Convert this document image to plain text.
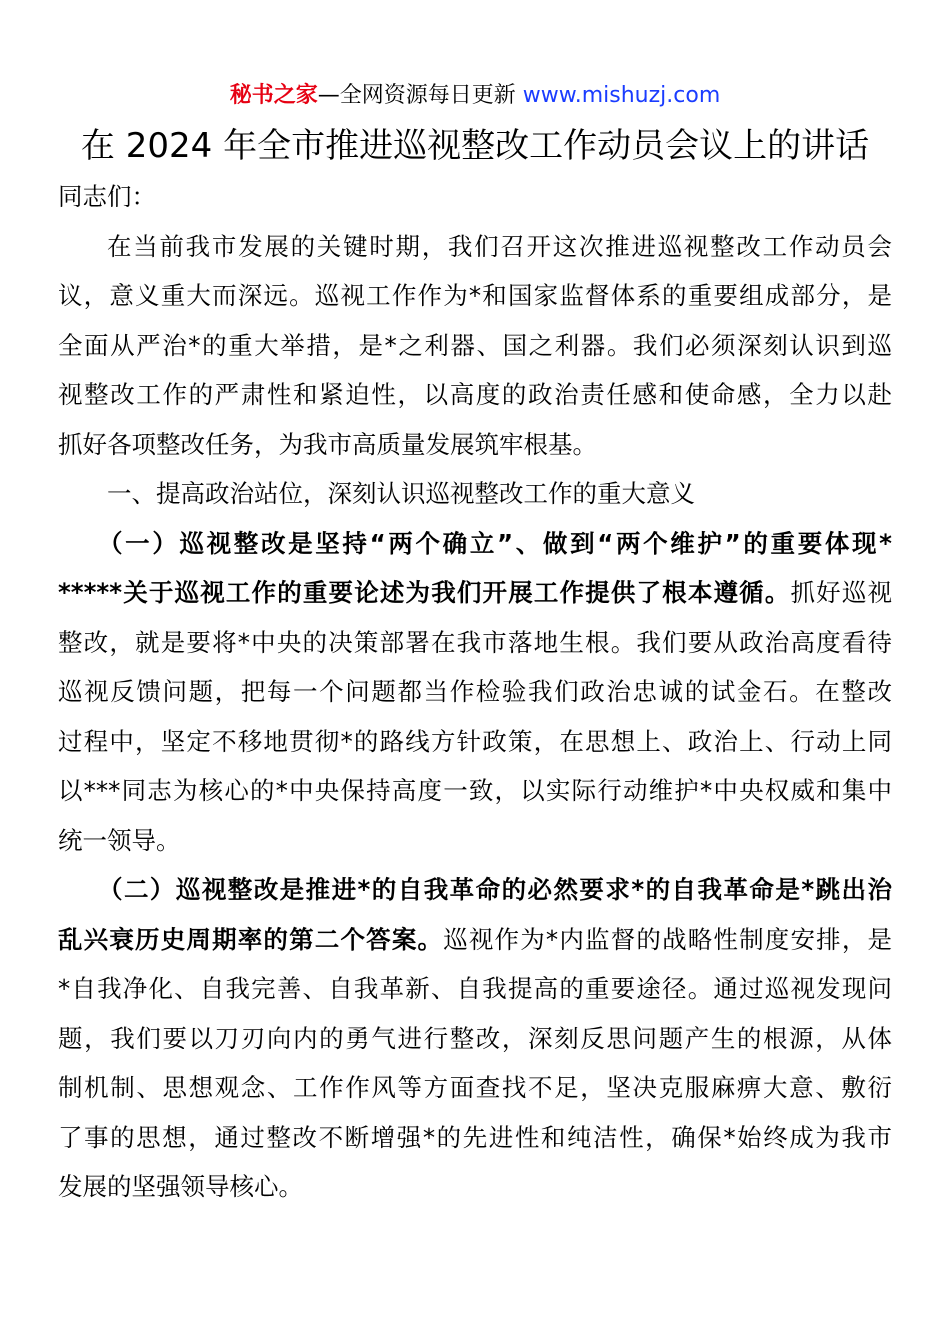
秘书之家—全网资源每日更新 www.mishuzj.com
在 2024 年全市推进巡视整改工作动员会议上的讲话
同志们：
在当前我市发展的关键时期，我们召开这次推进巡视整改工作动员会
议，意义重大而深远。巡视工作作为*和国家监督体系的重要组成部分，是
全面从严治*的重大举措，是*之利器、国之利器。我们必须深刻认识到巡
视整改工作的严肃性和紧迫性，以高度的政治责任感和使命感，全力以赴
抓好各项整改任务，为我市高质量发展筑牢根基。
一、提高政治站位，深刻认识巡视整改工作的重大意义
（一）巡视整改是坚持“两个确立”、做到“两个维护”的重要体现*
*****关于巡视工作的重要论述为我们开展工作提供了根本遵循。抓好巡视
整改，就是要将*中央的决策部署在我市落地生根。我们要从政治高度看待
巡视反馈问题，把每一个问题都当作检验我们政治忠诚的试金石。在整改
过程中，坚定不移地贯彻*的路线方针政策，在思想上、政治上、行动上同
以***同志为核心的*中央保持高度一致，以实际行动维护*中央权威和集中
统一领导。
（二）巡视整改是推进*的自我革命的必然要求*的自我革命是*跳出治
乱兴衰历史周期率的第二个答案。巡视作为*内监督的战略性制度安排，是
*自我净化、自我完善、自我革新、自我提高的重要途径。通过巡视发现问
题，我们要以刀刃向内的勇气进行整改，深刻反思问题产生的根源，从体
制机制、思想观念、工作作风等方面查找不足，坚决克服麻痹大意、敷衍
了事的思想，通过整改不断增强*的先进性和纯洁性，确保*始终成为我市
发展的坚强领导核心。
